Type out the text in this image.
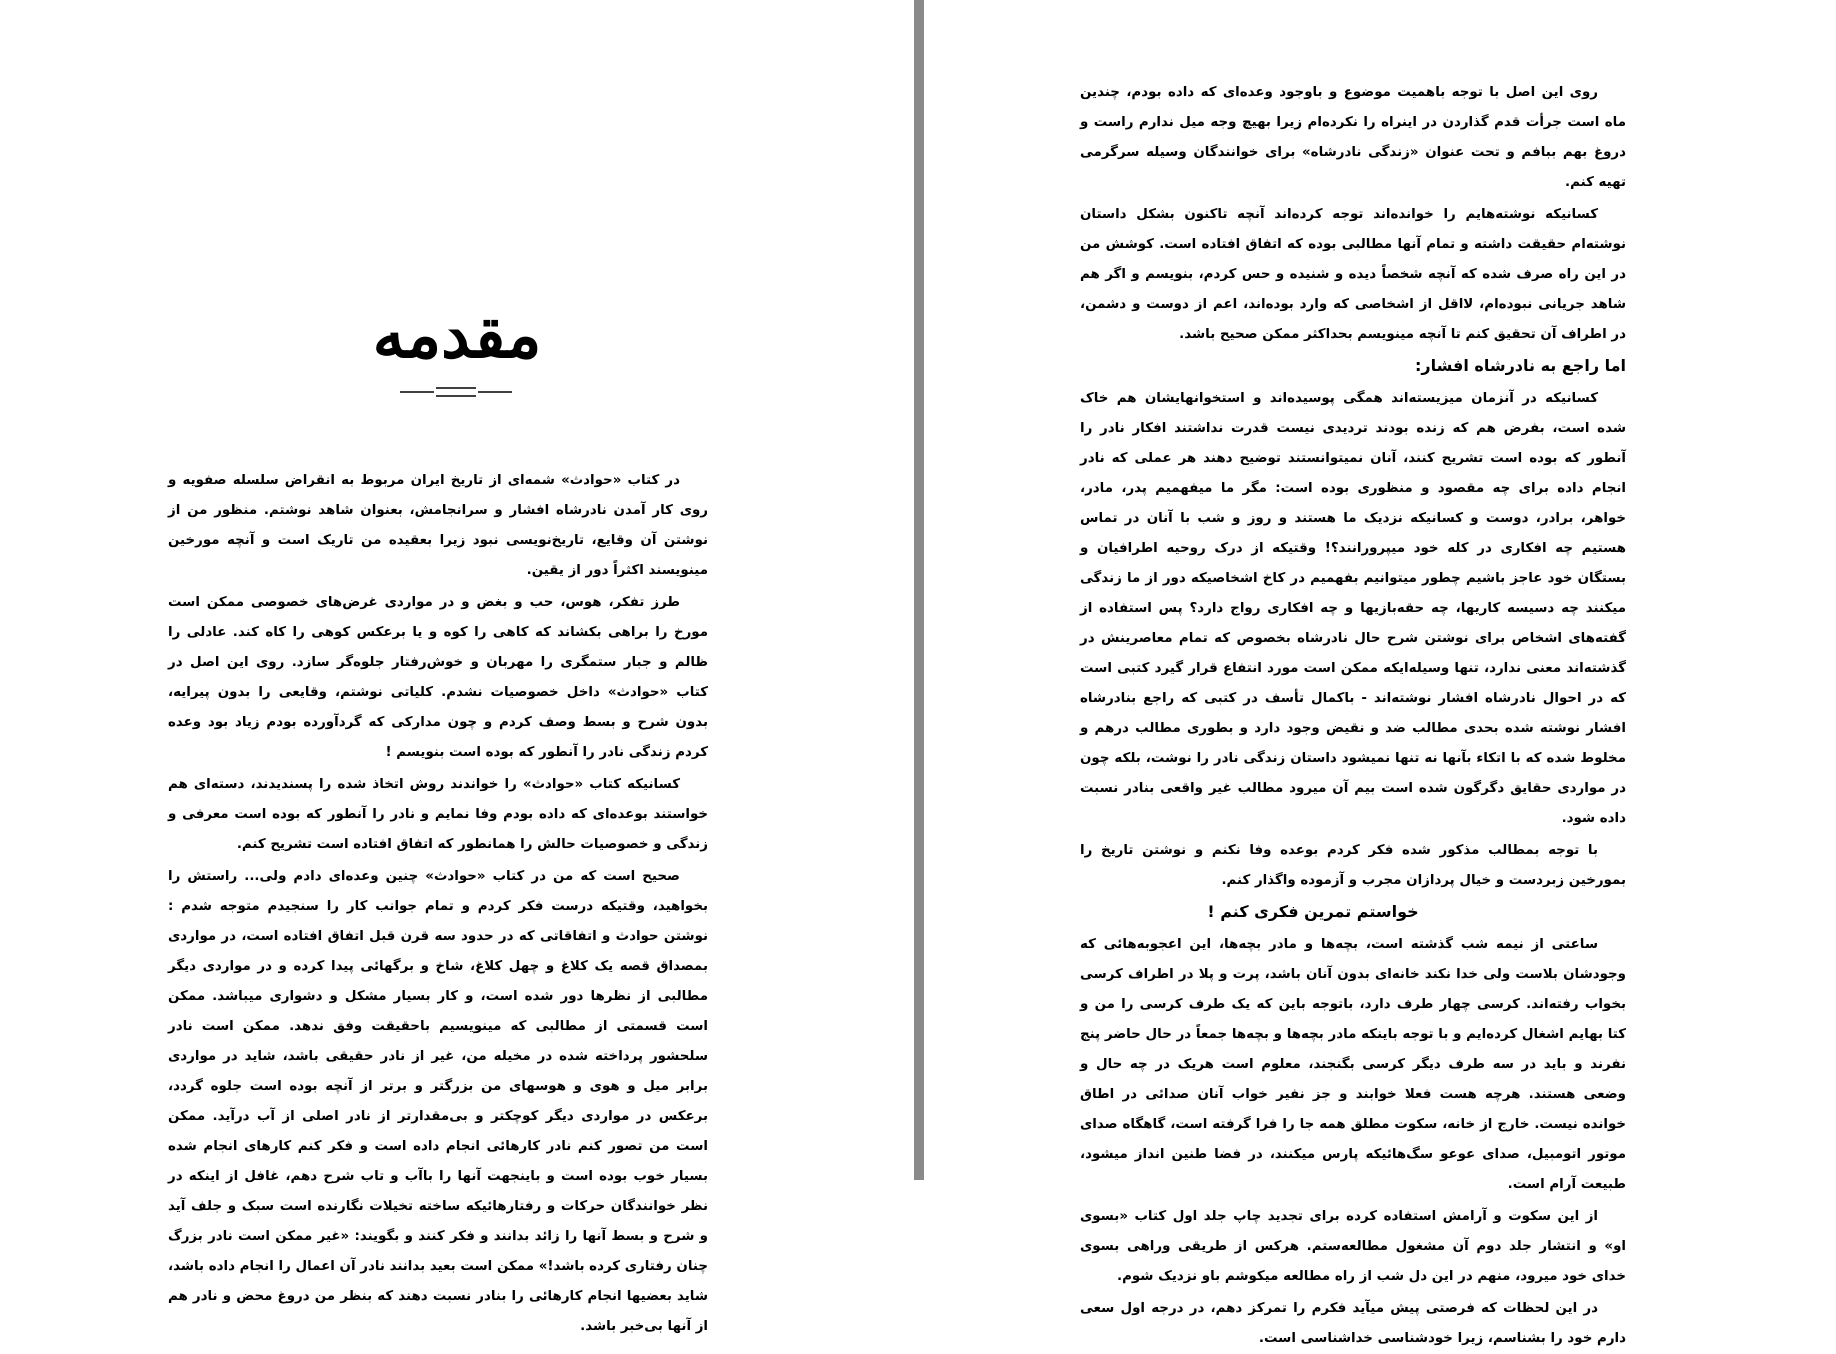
مقدمه

در کتاب «حوادث» شمه‌ای از تاریخ ایران مربوط به انقراض سلسله صفویه و روی کار آمدن نادرشاه افشار و سرانجامش، بعنوان شاهد نوشتم. منظور من از نوشتن آن وقایع، تاریخ‌نویسی نبود زیرا بعقیده من تاریک است و آنچه مورخین مینویسند اکثراً دور از یقین.

طرز تفکر، هوس، حب و بغض و در مواردی غرض‌های خصوصی ممکن است مورخ را براهی بکشاند که کاهی را کوه و یا برعکس کوهی را کاه کند. عادلی را ظالم و جبار ستمگری را مهربان و خوش‌رفتار جلوه‌گر سازد. روی این اصل در کتاب «حوادث» داخل خصوصیات نشدم. کلیاتی نوشتم، وقایعی را بدون پیرایه، بدون شرح و بسط وصف کردم و چون مدارکی که گردآورده بودم زیاد بود وعده کردم زندگی نادر را آنطور که بوده است بنویسم !

کسانیکه کتاب «حوادث» را خواندند روش اتخاذ شده را پسندیدند، دسته‌ای هم خواستند بوعده‌ای که داده بودم وفا نمایم و نادر را آنطور که بوده است معرفی و زندگی و خصوصیات حالش را همانطور که اتفاق افتاده است تشریح کنم.

صحیح است که من در کتاب «حوادث» چنین وعده‌ای دادم ولی... راستش را بخواهید، وقتیکه درست فکر کردم و تمام جوانب کار را سنجیدم متوجه شدم : نوشتن حوادث و اتفاقاتی که در حدود سه قرن قبل اتفاق افتاده است، در مواردی بمصداق قصه یک کلاغ و چهل کلاغ، شاخ و برگهائی پیدا کرده و در مواردی دیگر مطالبی از نظرها دور شده است، و کار بسیار مشکل و دشواری میباشد. ممکن است قسمتی از مطالبی که مینویسیم باحقیقت وفق ندهد. ممکن است نادر سلحشور پرداخته شده در مخیله من، غیر از نادر حقیقی باشد، شاید در مواردی برابر میل و هوی و هوسهای من بزرگتر و برتر از آنچه بوده است جلوه گردد، برعکس در مواردی دیگر کوچکتر و بی‌مقدارتر از نادر اصلی از آب درآید. ممکن است من تصور کنم نادر کارهائی انجام داده است و فکر کنم کارهای انجام شده بسیار خوب بوده است و باینجهت آنها را باآب و تاب شرح دهم، غافل از اینکه در نظر خوانندگان حرکات و رفتارهائیکه ساخته تخیلات نگارنده است سبک و جلف آید و شرح و بسط آنها را زائد بدانند و فکر کنند و بگویند: «غیر ممکن است نادر بزرگ چنان رفتاری کرده باشد!» ممکن است بعید بدانند نادر آن اعمال را انجام داده باشد، شاید بعضیها انجام کارهائی را بنادر نسبت دهند که بنظر من دروغ محض و نادر هم از آنها بی‌خبر باشد.

روی این اصل با توجه باهمیت موضوع و باوجود وعده‌ای که داده بودم، چندین ماه است جرأت قدم گذاردن در اینراه را نکرده‌ام زیرا بهیچ وجه میل ندارم راست و دروغ بهم ببافم و تحت عنوان «زندگی نادرشاه» برای خوانندگان وسیله سرگرمی تهیه کنم.

کسانیکه نوشته‌هایم را خوانده‌اند توجه کرده‌اند آنچه تاکنون بشکل داستان نوشته‌ام حقیقت داشته و تمام آنها مطالبی بوده که اتفاق افتاده است. کوشش من در این راه صرف شده که آنچه شخصاً دیده و شنیده و حس کردم، بنویسم و اگر هم شاهد جریانی نبوده‌ام، لااقل از اشخاصی که وارد بوده‌اند، اعم از دوست و دشمن، در اطراف آن تحقیق کنم تا آنچه مینویسم بحداکثر ممکن صحیح باشد.

اما راجع به نادرشاه افشار:

کسانیکه در آنزمان میزیسته‌اند همگی پوسیده‌اند و استخوانهایشان هم خاک شده است، بفرض هم که زنده بودند تردیدی نیست قدرت نداشتند افکار نادر را آنطور که بوده است تشریح کنند، آنان نمیتوانستند توضیح دهند هر عملی که نادر انجام داده برای چه مقصود و منظوری بوده است: مگر ما میفهمیم پدر، مادر، خواهر، برادر، دوست و کسانیکه نزدیک ما هستند و روز و شب با آنان در تماس هستیم چه افکاری در کله خود میپرورانند؟! وقتیکه از درک روحیه اطرافیان و بستگان خود عاجز باشیم چطور میتوانیم بفهمیم در کاخ اشخاصیکه دور از ما زندگی میکنند چه دسیسه کاریها، چه حقه‌بازیها و چه افکاری رواج دارد؟ پس استفاده از گفته‌های اشخاص برای نوشتن شرح حال نادرشاه بخصوص که تمام معاصرینش در گذشته‌اند معنی ندارد، تنها وسیله‌ایکه ممکن است مورد انتفاع قرار گیرد کتبی است که در احوال نادرشاه افشار نوشته‌اند - باکمال تأسف در کتبی که راجع بنادرشاه افشار نوشته شده بحدی مطالب ضد و نقیض وجود دارد و بطوری مطالب درهم و مخلوط شده که با اتکاء بآنها نه تنها نمیشود داستان زندگی نادر را نوشت، بلکه چون در مواردی حقایق دگرگون شده است بیم آن میرود مطالب غیر واقعی بنادر نسبت داده شود.

با توجه بمطالب مذکور شده فکر کردم بوعده وفا نکنم و نوشتن تاریخ را بمورخین زبردست و خیال پردازان مجرب و آزموده واگذار کنم.

خواستم تمرین فکری کنم !

ساعتی از نیمه شب گذشته است، بچه‌ها و مادر بچه‌ها، این اعجوبه‌هائی که وجودشان بلاست ولی خدا نکند خانه‌ای بدون آنان باشد، پرت و پلا در اطراف کرسی بخواب رفته‌اند. کرسی چهار طرف دارد، باتوجه باین که یک طرف کرسی را من و کتا بهایم اشغال کرده‌ایم و با توجه باینکه مادر بچه‌ها و بچه‌ها جمعاً در حال حاضر پنج نفرند و باید در سه طرف دیگر کرسی بگنجند، معلوم است هریک در چه حال و وضعی هستند. هرچه هست فعلا خوابند و جز نفیر خواب آنان صدائی در اطاق خوانده نیست. خارج از خانه، سکوت مطلق همه جا را فرا گرفته است، گاهگاه صدای موتور اتومبیل، صدای عوعو سگ‌هائیکه پارس میکنند، در فضا طنین انداز میشود، طبیعت آرام است.

از این سکوت و آرامش استفاده کرده برای تجدید چاپ جلد اول کتاب «بسوی او» و انتشار جلد دوم آن مشغول مطالعه‌ستم. هرکس از طریقی وراهی بسوی خدای خود میرود، منهم در این دل شب از راه مطالعه میکوشم باو نزدیک شوم.

در این لحظات که فرصتی پیش میآید فکرم را تمرکز دهم، در درجه اول سعی دارم خود را بشناسم، زیرا خودشناسی خداشناسی است.
